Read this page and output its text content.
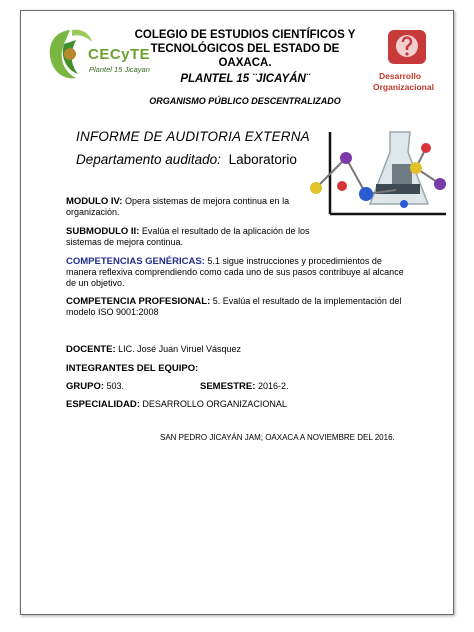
CECyTE
Plantel 15 Jicayan
COLEGIO DE ESTUDIOS CIENTÍFICOS Y
TECNOLÓGICOS DEL ESTADO DE
OAXACA.
PLANTEL 15 ¨JICAYÁN¨
ORGANISMO PÚBLICO DESCENTRALIZADO
Desarrollo
Organizacional
INFORME DE AUDITORIA EXTERNA
Departamento auditado: Laboratorio
MODULO IV: Opera sistemas de mejora continua en la organización.
SUBMODULO II: Evalúa el resultado de la aplicación de los sistemas de mejora continua.
COMPETENCIAS GENÉRICAS: 5.1 sigue instrucciones y procedimientos de manera reflexiva comprendiendo como cada uno de sus pasos contribuye al alcance de un objetivo.
COMPETENCIA PROFESIONAL: 5. Evalúa el resultado de la implementación del modelo ISO 9001:2008
DOCENTE: LIC. José Juan Viruel Vásquez
INTEGRANTES DEL EQUIPO:
GRUPO: 503.	SEMESTRE: 2016-2.
ESPECIALIDAD: DESARROLLO ORGANIZACIONAL
SAN PEDRO JICAYÁN JAM; OAXACA A NOVIEMBRE DEL 2016.
